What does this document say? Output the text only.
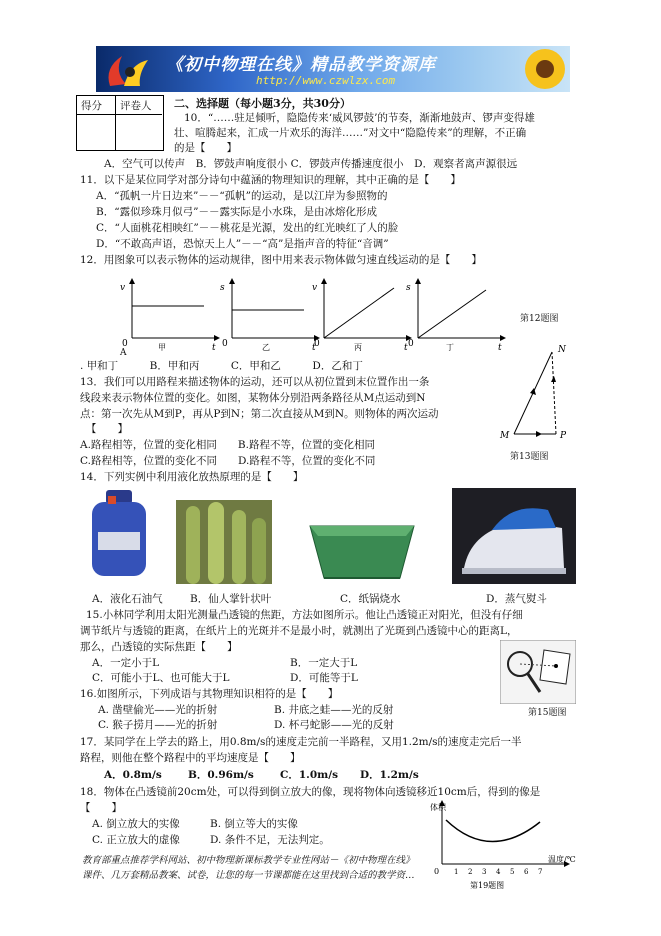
《初中物理在线》精品教学资源库
http://www.czwlzx.com
得分 评卷人 二、选择题（每小题3分，共30分）
10．“……驻足倾听，隐隐传来‘威风锣鼓’的节奏，渐渐地鼓声、锣声变得雄
壮、喧腾起来，汇成一片欢乐的海洋……”对文中“隐隐传来”的理解，不正确
的是【　　】
A．空气可以传声　B．锣鼓声响度很小 C．锣鼓声传播速度很小　D．观察者离声源很远
11．以下是某位同学对部分诗句中蕴涵的物理知识的理解，其中正确的是【　　】
A．“孤帆一片日边来”－－“孤帆”的运动，是以江岸为参照物的
B．“露似珍珠月似弓”－－露实际是小水珠，是由冰熔化形成
C．“人面桃花相映红”－－桃花是光源，发出的红光映红了人的脸
D．“不敢高声语，恐惊天上人”－－“高”是指声音的特征“音调”
12．用图象可以表示物体的运动规律，图中用来表示物体做匀速直线运动的是【　　】
v
0	t
甲
s
0	t
乙
v
0	t
丙
s
0	t
丁
第12题图
A
. 甲和丁　　　B．甲和丙　　　C．甲和乙　　　D．乙和丁
13．我们可以用路程来描述物体的运动，还可以从初位置到末位置作出一条
线段来表示物体位置的变化。如图，某物体分别沿两条路径从M点运动到N
点：第一次先从M到P，再从P到N；第二次直接从M到N。则物体的两次运动
【　　】
A.路程相等，位置的变化相同　　B.路程不等，位置的变化相同
C.路程相等，位置的变化不同　　D.路程不等，位置的变化不同
M
N
P
第13题图
14．下列实例中利用液化放热原理的是【　　】
A．液化石油气	B．仙人掌针状叶	C．纸锅烧水	D．蒸气熨斗
15.小林同学利用太阳光测量凸透镜的焦距，方法如图所示。他让凸透镜正对阳光，但没有仔细
调节纸片与透镜的距离，在纸片上的光斑并不是最小时，就测出了光斑到凸透镜中心的距离L，
那么，凸透镜的实际焦距【　　】
A．一定小于L	B．一定大于L
C．可能小于L、也可能大于L	D．可能等于L
第15题图
16.如图所示，下列成语与其物理知识相符的是【　　】
A. 凿壁偷光——光的折射	B. 井底之蛙——光的反射
C. 猴子捞月——光的折射	D. 杯弓蛇影——光的反射
17．某同学在上学去的路上，用0.8m/s的速度走完前一半路程，又用1.2m/s的速度走完后一半
路程，则他在整个路程中的平均速度是【　　】
A．0.8m/s B．0.96m/s C．1.0m/s D．1.2m/s
18．物体在凸透镜前20cm处，可以得到倒立放大的像，现将物体向透镜移近10cm后，得到的像是
【　　】
A. 倒立放大的实像	B. 倒立等大的实像
C. 正立放大的虚像	D. 条件不足，无法判定。
体积
0
温度/℃
1 2 3 4 5 6 7
第19题图
教育部重点推荐学科网站、初中物理新课标教学专业性网站－《初中物理在线》
课件、几万套精品教案、试卷，让您的每一节课都能在这里找到合适的教学资…
